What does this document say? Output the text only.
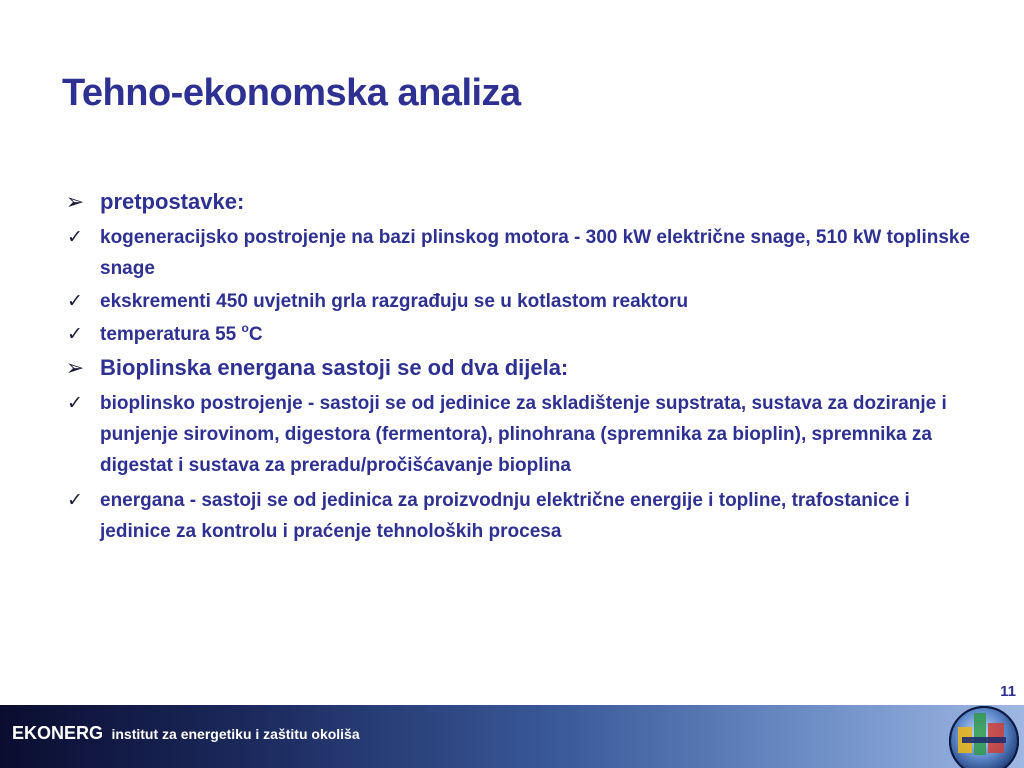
Tehno-ekonomska analiza
➢ pretpostavke:
✓ kogeneracijsko postrojenje na bazi plinskog motora - 300 kW električne snage, 510 kW toplinske snage
✓ ekskrementi 450 uvjetnih grla razgrađuju se u kotlastom reaktoru
✓ temperatura 55 $^o$C
➢ Bioplinska energana sastoji se od dva dijela:
✓ bioplinsko postrojenje - sastoji se od jedinice za skladištenje supstrata, sustava za doziranje i punjenje sirovinom, digestora (fermentora), plinohrana (spremnika za bioplin), spremnika za digestat i sustava za preradu/pročišćavanje bioplina
✓ energana - sastoji se od jedinica za proizvodnju električne energije i topline, trafostanice i jedinice za kontrolu i praćenje tehnoloških procesa
11
EKONERG institut za energetiku i zaštitu okoliša
